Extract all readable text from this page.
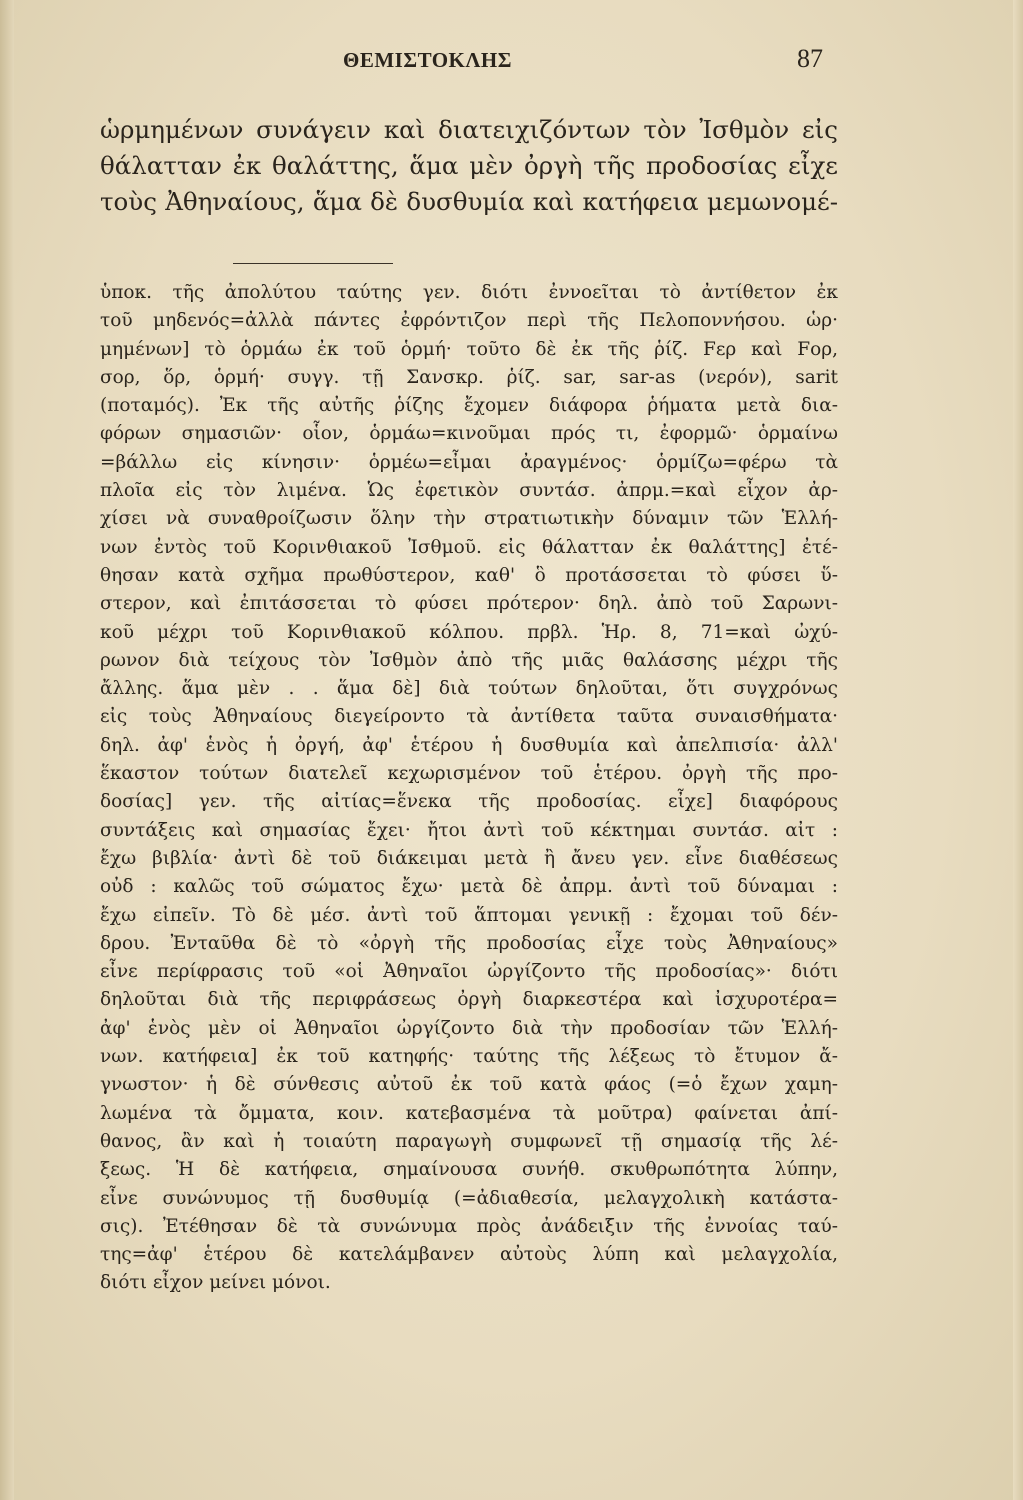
ΘΕΜΙΣΤΟΚΛΗΣ	87
ὡρμημένων συνάγειν καὶ διατειχιζόντων τὸν Ἰσθμὸν εἰς
θάλατταν ἐκ θαλάττης, ἅμα μὲν ὀργὴ τῆς προδοσίας εἶχε
τοὺς Ἀθηναίους, ἅμα δὲ δυσθυμία καὶ κατήφεια μεμωνομέ-
ὑποκ. τῆς ἀπολύτου ταύτης γεν. διότι ἐννοεῖται τὸ ἀντίθετον ἐκ
τοῦ μηδενός=ἀλλὰ πάντες ἐφρόντιζον περὶ τῆς Πελοποννήσου. ὡρ·
μημένων] τὸ ὁρμάω ἐκ τοῦ ὁρμή· τοῦτο δὲ ἐκ τῆς ῥίζ. Fερ καὶ Fορ,
σορ, ὅρ, ὁρμή· συγγ. τῇ Σανσκρ. ῥίζ. sar, sar-as (νερόν), sarit
(ποταμός). Ἐκ τῆς αὐτῆς ῥίζης ἔχομεν διάφορα ῥήματα μετὰ δια-
φόρων σημασιῶν· οἷον, ὁρμάω=κινοῦμαι πρός τι, ἐφορμῶ· ὁρμαίνω
=βάλλω εἰς κίνησιν· ὁρμέω=εἶμαι ἀραγμένος· ὁρμίζω=φέρω τὰ
πλοῖα εἰς τὸν λιμένα. Ὡς ἐφετικὸν συντάσ. ἀπρμ.=καὶ εἶχον ἀρ-
χίσει νὰ συναθροίζωσιν ὅλην τὴν στρατιωτικὴν δύναμιν τῶν Ἑλλή-
νων ἐντὸς τοῦ Κορινθιακοῦ Ἰσθμοῦ. εἰς θάλατταν ἐκ θαλάττης] ἐτέ-
θησαν κατὰ σχῆμα πρωθύστερον, καθ' ὃ προτάσσεται τὸ φύσει ὕ-
στερον, καὶ ἐπιτάσσεται τὸ φύσει πρότερον· δηλ. ἀπὸ τοῦ Σαρωνι-
κοῦ μέχρι τοῦ Κορινθιακοῦ κόλπου. πρβλ. Ἡρ. 8, 71=καὶ ὠχύ-
ρωνον διὰ τείχους τὸν Ἰσθμὸν ἀπὸ τῆς μιᾶς θαλάσσης μέχρι τῆς
ἄλλης. ἅμα μὲν . . ἅμα δὲ] διὰ τούτων δηλοῦται, ὅτι συγχρόνως
εἰς τοὺς Ἀθηναίους διεγείροντο τὰ ἀντίθετα ταῦτα συναισθήματα·
δηλ. ἀφ' ἑνὸς ἡ ὀργή, ἀφ' ἑτέρου ἡ δυσθυμία καὶ ἀπελπισία· ἀλλ'
ἕκαστον τούτων διατελεῖ κεχωρισμένον τοῦ ἑτέρου. ὀργὴ τῆς προ-
δοσίας] γεν. τῆς αἰτίας=ἕνεκα τῆς προδοσίας. εἶχε] διαφόρους
συντάξεις καὶ σημασίας ἔχει· ἤτοι ἀντὶ τοῦ κέκτημαι συντάσ. αἰτ :
ἔχω βιβλία· ἀντὶ δὲ τοῦ διάκειμαι μετὰ ἢ ἄνευ γεν. εἶνε διαθέσεως
οὐδ : καλῶς τοῦ σώματος ἔχω· μετὰ δὲ ἀπρμ. ἀντὶ τοῦ δύναμαι :
ἔχω εἰπεῖν. Τὸ δὲ μέσ. ἀντὶ τοῦ ἅπτομαι γενικῇ : ἔχομαι τοῦ δέν-
δρου. Ἐνταῦθα δὲ τὸ «ὀργὴ τῆς προδοσίας εἶχε τοὺς Ἀθηναίους»
εἶνε περίφρασις τοῦ «οἱ Ἀθηναῖοι ὠργίζοντο τῆς προδοσίας»· διότι
δηλοῦται διὰ τῆς περιφράσεως ὀργὴ διαρκεστέρα καὶ ἰσχυροτέρα=
ἀφ' ἑνὸς μὲν οἱ Ἀθηναῖοι ὠργίζοντο διὰ τὴν προδοσίαν τῶν Ἑλλή-
νων. κατήφεια] ἐκ τοῦ κατηφής· ταύτης τῆς λέξεως τὸ ἔτυμον ἄ-
γνωστον· ἡ δὲ σύνθεσις αὐτοῦ ἐκ τοῦ κατὰ φάος (=ὁ ἔχων χαμη-
λωμένα τὰ ὄμματα, κοιν. κατεβασμένα τὰ μοῦτρα) φαίνεται ἀπί-
θανος, ἂν καὶ ἡ τοιαύτη παραγωγὴ συμφωνεῖ τῇ σημασίᾳ τῆς λέ-
ξεως. Ἡ δὲ κατήφεια, σημαίνουσα συνήθ. σκυθρωπότητα λύπην,
εἶνε συνώνυμος τῇ δυσθυμίᾳ (=ἀδιαθεσία, μελαγχολικὴ κατάστα-
σις). Ἐτέθησαν δὲ τὰ συνώνυμα πρὸς ἀνάδειξιν τῆς ἐννοίας ταύ-
της=ἀφ' ἑτέρου δὲ κατελάμβανεν αὐτοὺς λύπη καὶ μελαγχολία,
διότι εἶχον μείνει μόνοι.
